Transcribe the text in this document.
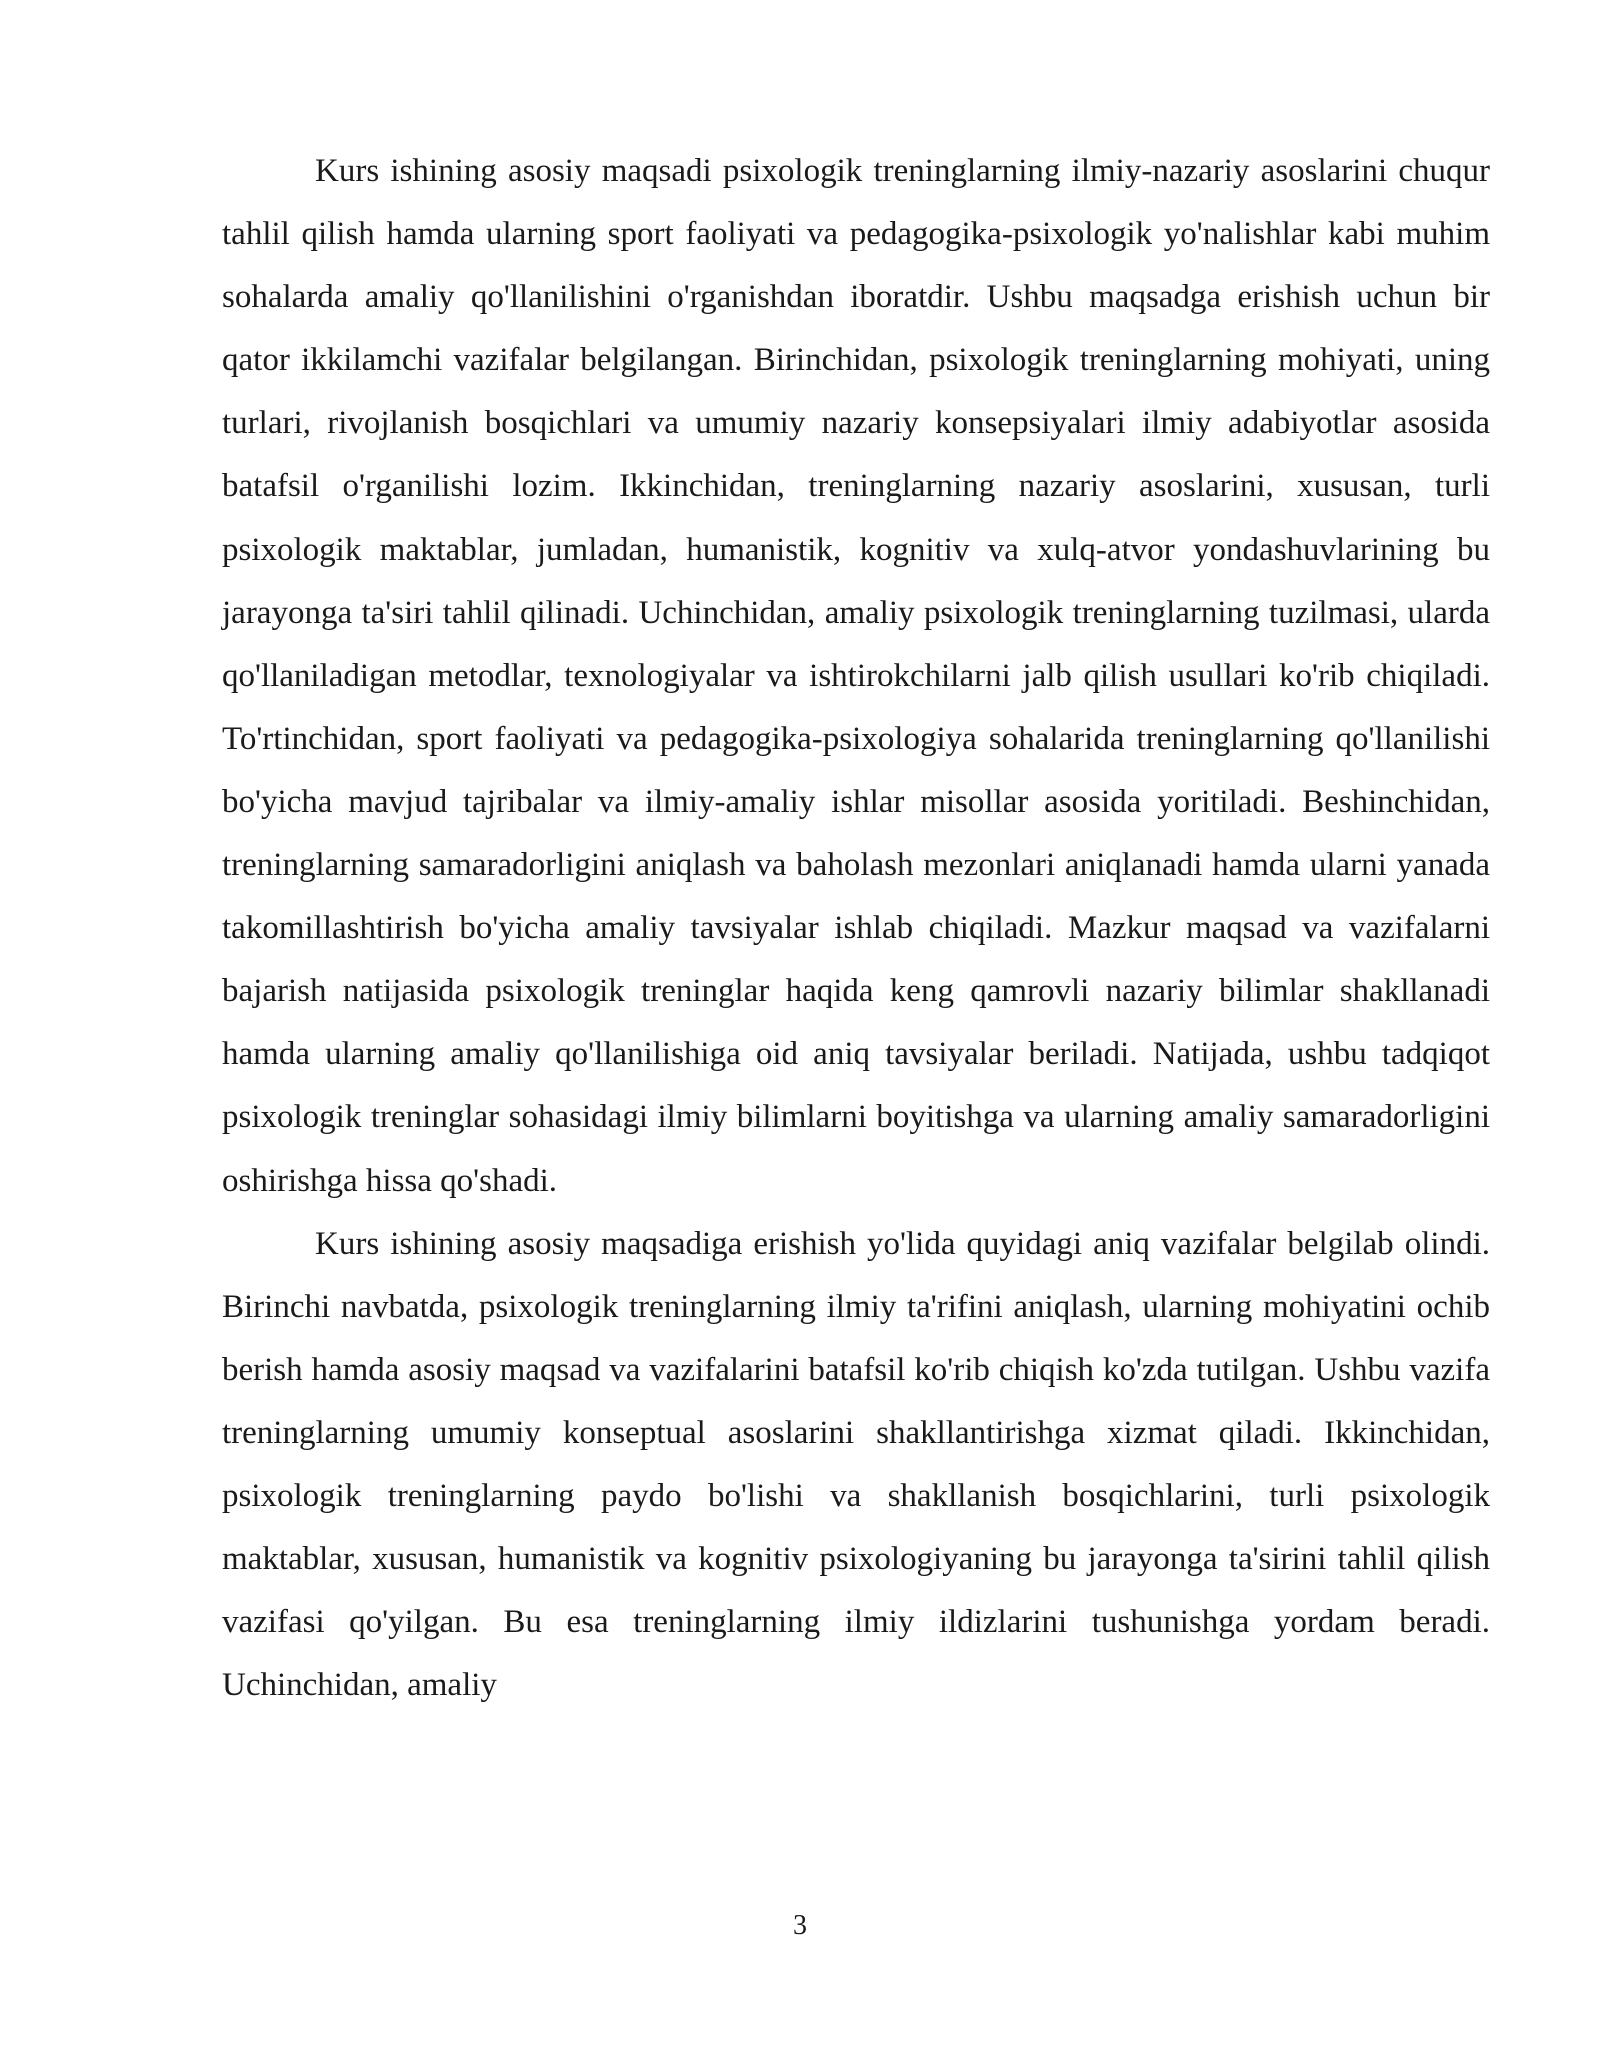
Kurs ishining asosiy maqsadi psixologik treninglarning ilmiy-nazariy asoslarini chuqur tahlil qilish hamda ularning sport faoliyati va pedagogika-psixologik yo'nalishlar kabi muhim sohalarda amaliy qo'llanilishini o'rganishdan iboratdir. Ushbu maqsadga erishish uchun bir qator ikkilamchi vazifalar belgilangan. Birinchidan, psixologik treninglarning mohiyati, uning turlari, rivojlanish bosqichlari va umumiy nazariy konsepsiyalari ilmiy adabiyotlar asosida batafsil o'rganilishi lozim. Ikkinchidan, treninglarning nazariy asoslarini, xususan, turli psixologik maktablar, jumladan, humanistik, kognitiv va xulq-atvor yondashuvlarining bu jarayonga ta'siri tahlil qilinadi. Uchinchidan, amaliy psixologik treninglarning tuzilmasi, ularda qo'llaniladigan metodlar, texnologiyalar va ishtirokchilarni jalb qilish usullari ko'rib chiqiladi. To'rtinchidan, sport faoliyati va pedagogika-psixologiya sohalarida treninglarning qo'llanilishi bo'yicha mavjud tajribalar va ilmiy-amaliy ishlar misollar asosida yoritiladi. Beshinchidan, treninglarning samaradorligini aniqlash va baholash mezonlari aniqlanadi hamda ularni yanada takomillashtirish bo'yicha amaliy tavsiyalar ishlab chiqiladi. Mazkur maqsad va vazifalarni bajarish natijasida psixologik treninglar haqida keng qamrovli nazariy bilimlar shakllanadi hamda ularning amaliy qo'llanilishiga oid aniq tavsiyalar beriladi. Natijada, ushbu tadqiqot psixologik treninglar sohasidagi ilmiy bilimlarni boyitishga va ularning amaliy samaradorligini oshirishga hissa qo'shadi.

Kurs ishining asosiy maqsadiga erishish yo'lida quyidagi aniq vazifalar belgilab olindi. Birinchi navbatda, psixologik treninglarning ilmiy ta'rifini aniqlash, ularning mohiyatini ochib berish hamda asosiy maqsad va vazifalarini batafsil ko'rib chiqish ko'zda tutilgan. Ushbu vazifa treninglarning umumiy konseptual asoslarini shakllantirishga xizmat qiladi. Ikkinchidan, psixologik treninglarning paydo bo'lishi va shakllanish bosqichlarini, turli psixologik maktablar, xususan, humanistik va kognitiv psixologiyaning bu jarayonga ta'sirini tahlil qilish vazifasi qo'yilgan. Bu esa treninglarning ilmiy ildizlarini tushunishga yordam beradi. Uchinchidan, amaliy

3
